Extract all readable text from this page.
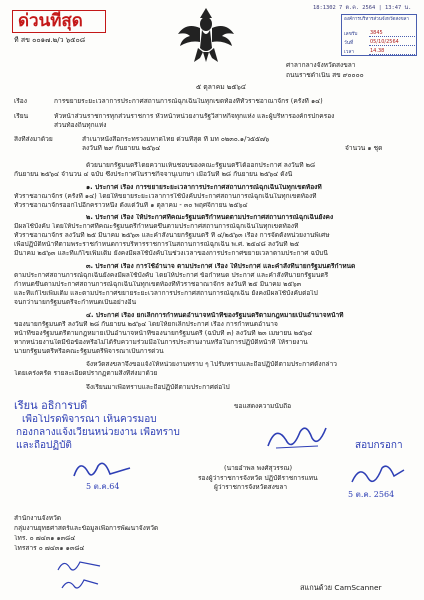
18:1302 7 ต.ค. 2564 | 13:47 น.
ด่วนที่สุด
ที่ สข ๐๐๑๗.๒/ว ๖๕๐๘
องค์การบริหารส่วนจังหวัดสงขลา
เลขรับ	3845
วันที่	05/10/2564
เวลา	14.38
ศาลากลางจังหวัดสงขลา
ถนนราชดำเนิน สข ๙๐๐๐๐
๕ ตุลาคม ๒๕๖๔
เรื่อง	การขยายระยะเวลาการประกาศสถานการณ์ฉุกเฉินในทุกเขตท้องที่ทั่วราชอาณาจักร (ครั้งที่ ๑๔)
เรียน	หัวหน้าส่วนราชการทุกส่วนราชการ หัวหน้าหน่วยงานรัฐวิสาหกิจทุกแห่ง และผู้บริหารองค์กรปกครอง
ส่วนท้องถิ่นทุกแห่ง
สิ่งที่ส่งมาด้วย	สำเนาหนังสือกระทรวงมหาดไทย ด่วนที่สุด ที่ มท ๐๒๓๐.๑/ว๕๕๗๖
จำนวน ๑ ชุด
ลงวันที่ ๒๙ กันยายน ๒๕๖๔
ด้วยนายกรัฐมนตรีโดยความเห็นชอบของคณะรัฐมนตรีได้ออกประกาศ ลงวันที่ ๒๘
กันยายน ๒๕๖๔ จำนวน ๔ ฉบับ ซึ่งประกาศในราชกิจจานุเบกษา เมื่อวันที่ ๒๘ กันยายน ๒๕๖๔ ดังนี้
๑. ประกาศ เรื่อง การขยายระยะเวลาการประกาศสถานการณ์ฉุกเฉินในทุกเขตท้องที่
ทั่วราชอาณาจักร (ครั้งที่ ๑๔) โดยให้ขยายระยะเวลาการใช้บังคับประกาศสถานการณ์ฉุกเฉินในทุกเขตท้องที่
ทั่วราชอาณาจักรออกไปอีกคราวหนึ่ง ตั้งแต่วันที่ ๑ ตุลาคม - ๓๐ พฤศจิกายน ๒๕๖๔
๒. ประกาศ เรื่อง ให้ประกาศที่คณะรัฐมนตรีกำหนดตามประกาศสถานการณ์ฉุกเฉินยังคง
มีผลใช้บังคับ โดยให้ประกาศที่คณะรัฐมนตรีกำหนดขึ้นตามประกาศสถานการณ์ฉุกเฉินในทุกเขตท้องที่
ทั่วราชอาณาจักร ลงวันที่ ๒๕ มีนาคม ๒๕๖๓ และคำสั่งนายกรัฐมนตรี ที่ ๔/๒๕๖๓ เรื่อง การจัดตั้งหน่วยงานพิเศษ
เพื่อปฏิบัติหน้าที่ตามพระราชกำหนดการบริหารราชการในสถานการณ์ฉุกเฉิน พ.ศ. ๒๕๔๘ ลงวันที่ ๒๕
มีนาคม ๒๕๖๓ และที่แก้ไขเพิ่มเติม ยังคงมีผลใช้บังคับในช่วงเวลาของการประกาศขยายเวลาตามประกาศ ฉบับนี้
๓. ประกาศ เรื่อง การใช้อำนาจ ตามประกาศ เรื่อง ให้ประกาศ และคำสั่งที่นายกรัฐมนตรีกำหนด
ตามประกาศสถานการณ์ฉุกเฉินยังคงมีผลใช้บังคับ โดยให้ประกาศ ข้อกำหนด ประกาศ และคำสั่งที่นายกรัฐมนตรี
กำหนดขึ้นตามประกาศสถานการณ์ฉุกเฉินในทุกเขตท้องที่ทั่วราชอาณาจักร ลงวันที่ ๒๕ มีนาคม ๒๕๖๓
และที่แก้ไขเพิ่มเติม และตามประกาศขยายระยะเวลาการประกาศสถานการณ์ฉุกเฉิน ยังคงมีผลใช้บังคับต่อไป
จนกว่านายกรัฐมนตรีจะกำหนดเป็นอย่างอื่น
๔. ประกาศ เรื่อง ยกเลิกการกำหนดอำนาจหน้าที่ของรัฐมนตรีตามกฎหมายเป็นอำนาจหน้าที่
ของนายกรัฐมนตรี ลงวันที่ ๒๘ กันยายน ๒๕๖๔ โดยให้ยกเลิกประกาศ เรื่อง การกำหนดอำนาจ
หน้าที่ของรัฐมนตรีตามกฎหมายเป็นอำนาจหน้าที่ของนายกรัฐมนตรี (ฉบับที่ ๓) ลงวันที่ ๒๓ เมษายน ๒๕๖๔
หากหน่วยงานใดมีข้อข้องหรือไม่ได้รับความร่วมมือในการประสานงานหรือในการปฏิบัติหน้าที่ ให้รายงาน
นายกรัฐมนตรีหรือคณะรัฐมนตรีพิจารณาเป็นการด่วน
จังหวัดสงขลาจึงขอแจ้งให้หน่วยงานทราบ ๆ ไปรับทราบและถือปฏิบัติตามประกาศดังกล่าว
โดยเคร่งครัด รายละเอียดปรากฏตามสิ่งที่ส่งมาด้วย
จึงเรียนมาเพื่อทราบและถือปฏิบัติตามประกาศต่อไป
เรียน อธิการบดี
เพื่อโปรดพิจารณา เห็นควรมอบ
กองกลางแจ้งเวียนหน่วยงาน เพื่อทราบ
และถือปฏิบัติ
ขอแสดงความนับถือ
5 ต.ค.64
(นายอำพล พงศ์สุวรรณ)
รองผู้ว่าราชการจังหวัด ปฏิบัติราชการแทน
ผู้ว่าราชการจังหวัดสงขลา
สอบกรอกา
5 ต.ค. 2564
สำนักงานจังหวัด
กลุ่มงานยุทธศาสตร์และข้อมูลเพื่อการพัฒนาจังหวัด
โทร. ๐ ๗๔๓๑ ๑๓๘๔
โทรสาร ๐ ๗๔๓๑ ๑๓๘๔
สแกนด้วย CamScanner
